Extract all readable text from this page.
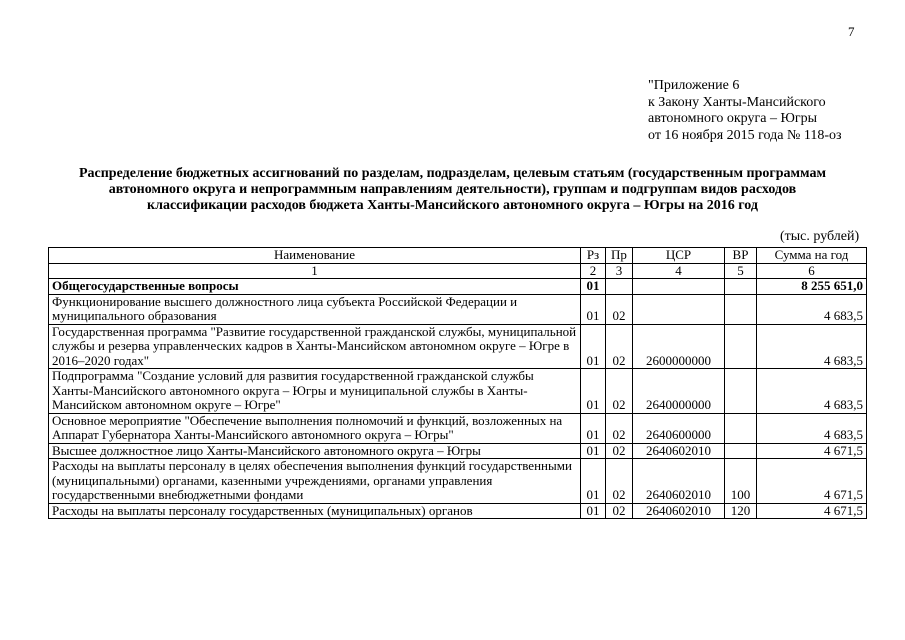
7
"Приложение 6
к Закону Ханты-Мансийского
автономного округа – Югры
от 16 ноября 2015 года № 118-оз
Распределение бюджетных ассигнований по разделам, подразделам, целевым статьям (государственным программам
автономного округа и непрограммным направлениям деятельности), группам и подгруппам видов расходов
классификации расходов бюджета Ханты-Мансийского автономного округа – Югры на 2016 год
(тыс. рублей)
Наименование	Рз	Пр	ЦСР	ВР	Сумма на год
1	2	3	4	5	6
Общегосударственные вопросы	01				8 255 651,0
Функционирование высшего должностного лица субъекта Российской Федерации и муниципального образования	01	02			4 683,5
Государственная программа "Развитие государственной гражданской службы, муниципальной службы и резерва управленческих кадров в Ханты-Мансийском автономном округе – Югре в 2016–2020 годах"	01	02	2600000000		4 683,5
Подпрограмма "Создание условий для развития государственной гражданской службы Ханты-Мансийского автономного округа – Югры и муниципальной службы в Ханты-Мансийском автономном округе – Югре"	01	02	2640000000		4 683,5
Основное мероприятие "Обеспечение выполнения полномочий и функций, возложенных на Аппарат Губернатора Ханты-Мансийского автономного округа – Югры"	01	02	2640600000		4 683,5
Высшее должностное лицо Ханты-Мансийского автономного округа – Югры	01	02	2640602010		4 671,5
Расходы на выплаты персоналу в целях обеспечения выполнения функций государственными (муниципальными) органами, казенными учреждениями, органами управления государственными внебюджетными фондами	01	02	2640602010	100	4 671,5
Расходы на выплаты персоналу государственных (муниципальных) органов	01	02	2640602010	120	4 671,5
